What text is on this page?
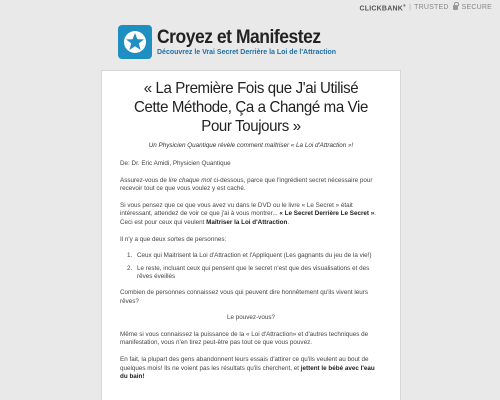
CLICKBANK® | TRUSTED SECURE
Croyez et Manifestez
Découvrez le Vrai Secret Derrière la Loi de l'Attraction
« La Première Fois que J'ai Utilisé Cette Méthode, Ça a Changé ma Vie Pour Toujours »
Un Physicien Quantique révèle comment maîtriser « La Loi d'Attraction »!

De: Dr. Eric Amidi, Physicien Quantique

Assurez-vous de lire chaque mot ci-dessous, parce que l'ingrédient secret nécessaire pour recevoir tout ce que vous voulez y est caché.

Si vous pensez que ce que vous avez vu dans le DVD ou le livre « Le Secret » était intéressant, attendez de voir ce que j'ai à vous montrer... « Le Secret Derrière Le Secret ». Ceci est pour ceux qui veulent Maîtriser la Loi d'Attraction.

Il n'y a que deux sortes de personnes:

1. Ceux qui Maitrisent la Loi d'Attraction et l'Appliquent (Les gagnants du jeu de la vie!)
2. Le reste, incluant ceux qui pensent que le secret n'est que des visualisations et des rêves éveillés

Combien de personnes connaissez vous qui peuvent dire honnêtement qu'ils vivent leurs rêves?

Le pouvez-vous?

Même si vous connaissez la puissance de la « Loi d'Attraction» et d'autres techniques de manifestation, vous n'en tirez peut-être pas tout ce que vous pouvez.

En fait, la plupart des gens abandonnent leurs essais d'attirer ce qu'ils veulent au bout de quelques mois! Ils ne voient pas les résultats qu'ils cherchent, et jettent le bébé avec l'eau du bain!
